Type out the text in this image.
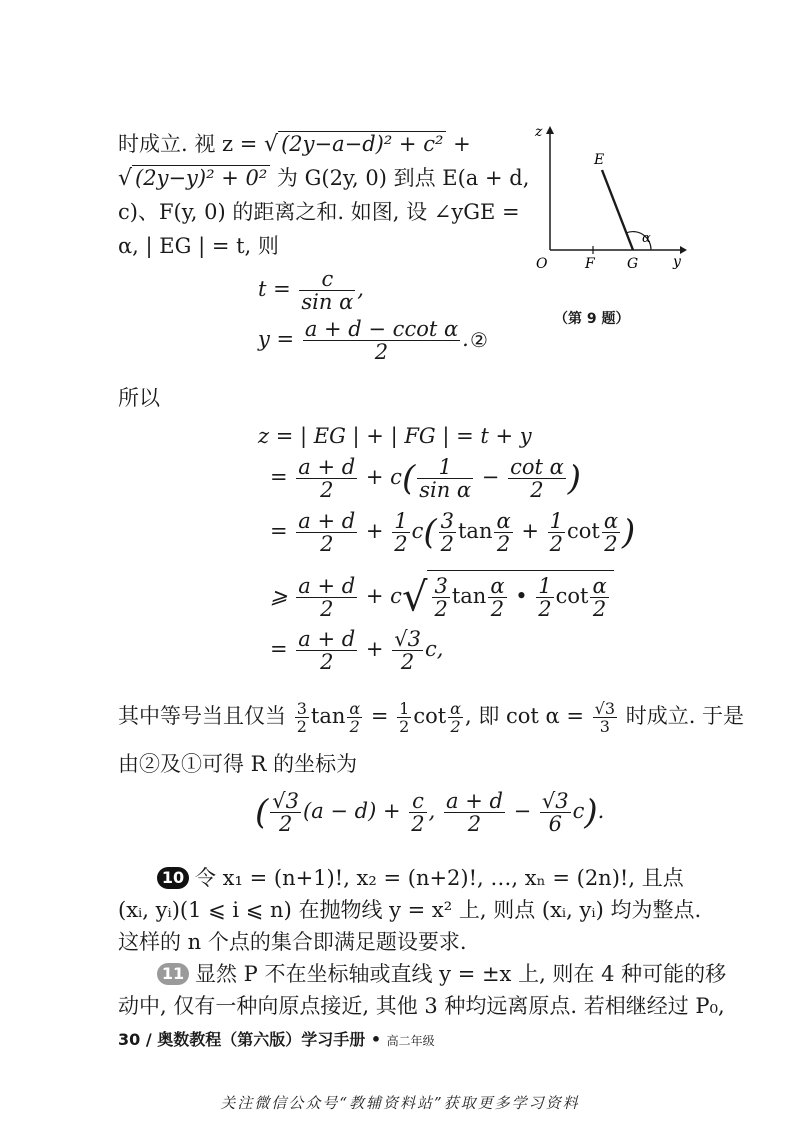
时成立. 视 z = √ (2y−a−d)² + c² +
√ (2y−y)² + 0² 为 G(2y, 0) 到点 E(a + d,
c)、F(y, 0) 的距离之和. 如图, 设 ∠yGE =
α, | EG | = t, 则
z
y
E
O	F G
α
（第 9 题）
$t = \frac{c}{\text{sin α}}$ ,
$y = \frac{\text{a + d − ccot α}}{2}$ . ②
所以
z = | EG | + | FG | = t + y
= $\frac{a + d}{2} + c( \frac{1}{\text{sin α}} - \frac{\text{cot α}}{2}$ )
= $\frac{a + d}{2} + \frac{1}{2} c( \frac{3}{2}$ $\tan \frac{\alpha}{2} + \frac{1}{2}$ $\cot \frac{\alpha}{2}$ )
⩾ $\frac{a + d}{2} + c√ \frac{3}{2}$ $\tan \frac{\alpha}{2}$ • $\frac{1}{2}$ $\cot \frac{\alpha}{2}$
= $\frac{a + d}{2} + \frac{√3}{2} c$,
其中等号当且仅当 $\frac{3}{2}$ $\tan \frac{\alpha}{2} = \frac{1}{2}$ $\cot \frac{\alpha}{2}$ , 即 $\cot \alpha = \frac{√3}{3}$ 时成立. 于是
由②及①可得 R 的坐标为
( $\frac{√3}{2} (a - d) + \frac{c}{2}$ , $\frac{a + d}{2} - \frac{√3}{6} c$).
10 令 x₁ = (n+1)!, x₂ = (n+2)!, …, xₙ = (2n)!, 且点
(xᵢ, yᵢ)(1 ⩽ i ⩽ n) 在抛物线 y = x² 上, 则点 (xᵢ, yᵢ) 均为整点.
这样的 n 个点的集合即满足题设要求.
11 显然 P 不在坐标轴或直线 y = ±x 上, 则在 4 种可能的移
动中, 仅有一种向原点接近, 其他 3 种均远离原点. 若相继经过 P₀,
30 / 奥数教程（第六版）学习手册 • 高二年级
关注微信公众号“教辅资料站”获取更多学习资料
